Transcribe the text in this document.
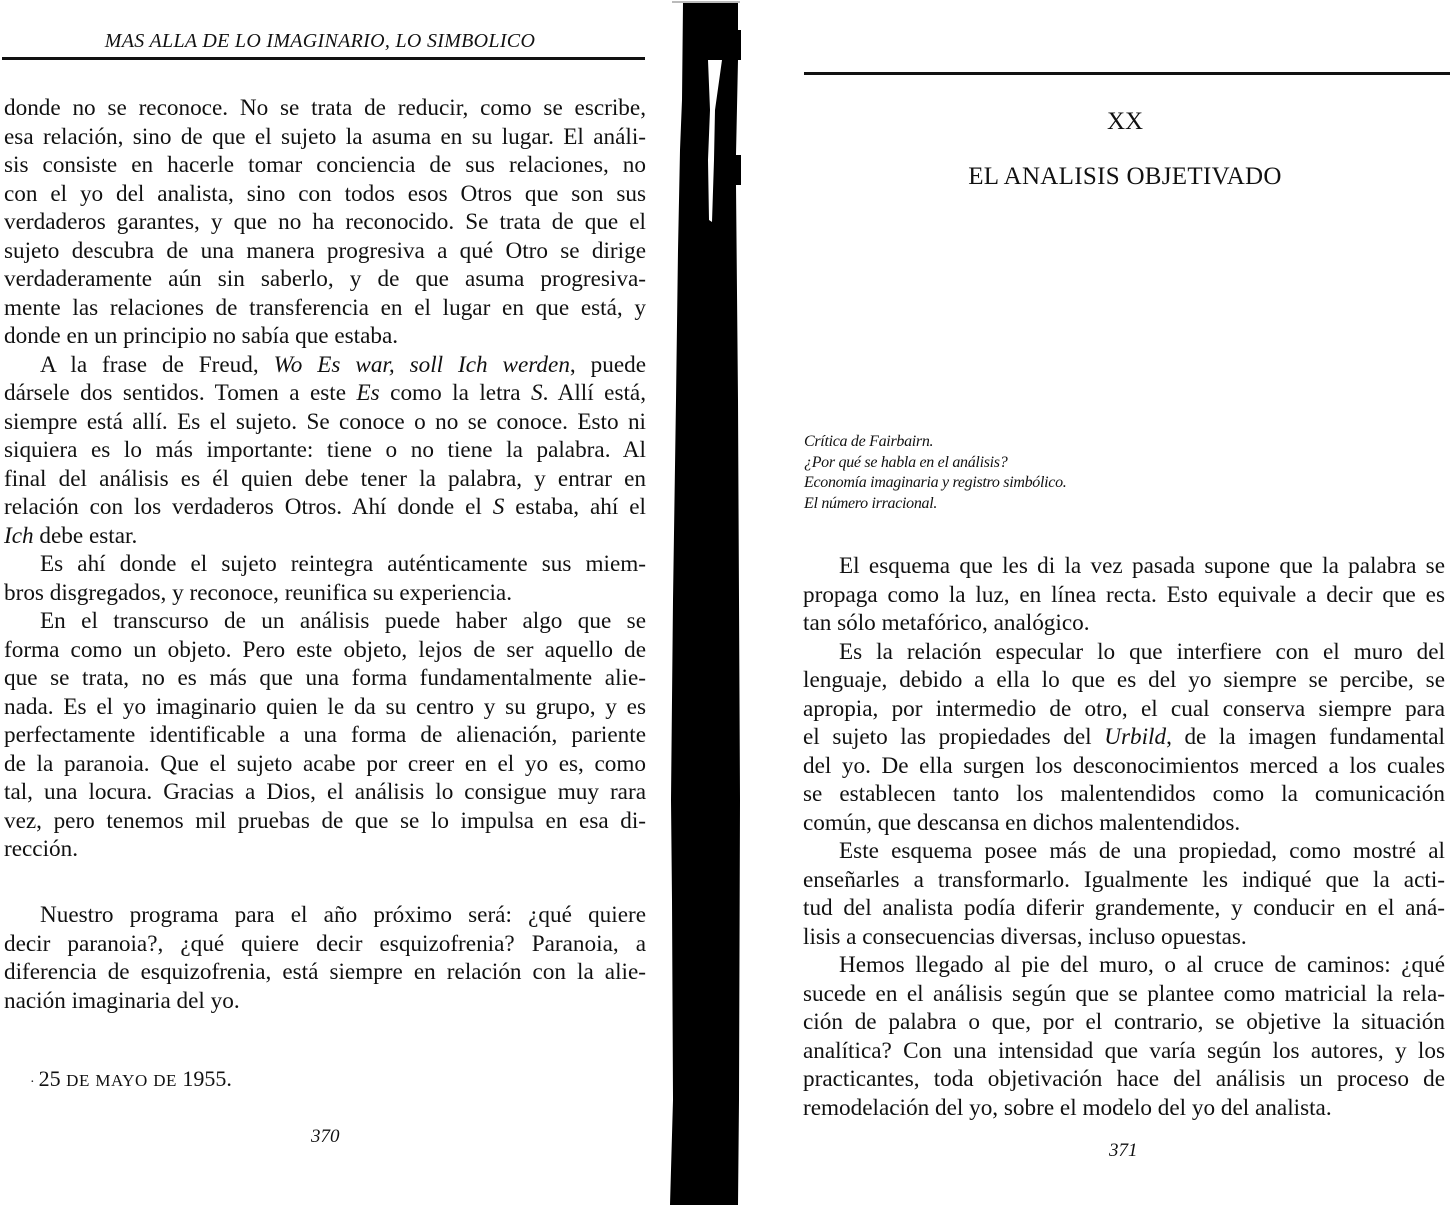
MAS ALLA DE LO IMAGINARIO, LO SIMBOLICO
donde no se reconoce. No se trata de reducir, como se escribe,
esa relación, sino de que el sujeto la asuma en su lugar. El análi-
sis consiste en hacerle tomar conciencia de sus relaciones, no
con el yo del analista, sino con todos esos Otros que son sus
verdaderos garantes, y que no ha reconocido. Se trata de que el
sujeto descubra de una manera progresiva a qué Otro se dirige
verdaderamente aún sin saberlo, y de que asuma progresiva-
mente las relaciones de transferencia en el lugar en que está, y
donde en un principio no sabía que estaba.
A la frase de Freud, Wo Es war, soll Ich werden, puede
dársele dos sentidos. Tomen a este Es como la letra S. Allí está,
siempre está allí. Es el sujeto. Se conoce o no se conoce. Esto ni
siquiera es lo más importante: tiene o no tiene la palabra. Al
final del análisis es él quien debe tener la palabra, y entrar en
relación con los verdaderos Otros. Ahí donde el S estaba, ahí el
Ich debe estar.
Es ahí donde el sujeto reintegra auténticamente sus miem-
bros disgregados, y reconoce, reunifica su experiencia.
En el transcurso de un análisis puede haber algo que se
forma como un objeto. Pero este objeto, lejos de ser aquello de
que se trata, no es más que una forma fundamentalmente alie-
nada. Es el yo imaginario quien le da su centro y su grupo, y es
perfectamente identificable a una forma de alienación, pariente
de la paranoia. Que el sujeto acabe por creer en el yo es, como
tal, una locura. Gracias a Dios, el análisis lo consigue muy rara
vez, pero tenemos mil pruebas de que se lo impulsa en esa di-
rección.
Nuestro programa para el año próximo será: ¿qué quiere
decir paranoia?, ¿qué quiere decir esquizofrenia? Paranoia, a
diferencia de esquizofrenia, está siempre en relación con la alie-
nación imaginaria del yo.
· 25 DE MAYO DE 1955.
370
XX
EL ANALISIS OBJETIVADO
Crítica de Fairbairn.
¿Por qué se habla en el análisis?
Economía imaginaria y registro simbólico.
El número irracional.
El esquema que les di la vez pasada supone que la palabra se
propaga como la luz, en línea recta. Esto equivale a decir que es
tan sólo metafórico, analógico.
Es la relación especular lo que interfiere con el muro del
lenguaje, debido a ella lo que es del yo siempre se percibe, se
apropia, por intermedio de otro, el cual conserva siempre para
el sujeto las propiedades del Urbild, de la imagen fundamental
del yo. De ella surgen los desconocimientos merced a los cuales
se establecen tanto los malentendidos como la comunicación
común, que descansa en dichos malentendidos.
Este esquema posee más de una propiedad, como mostré al
enseñarles a transformarlo. Igualmente les indiqué que la acti-
tud del analista podía diferir grandemente, y conducir en el aná-
lisis a consecuencias diversas, incluso opuestas.
Hemos llegado al pie del muro, o al cruce de caminos: ¿qué
sucede en el análisis según que se plantee como matricial la rela-
ción de palabra o que, por el contrario, se objetive la situación
analítica? Con una intensidad que varía según los autores, y los
practicantes, toda objetivación hace del análisis un proceso de
remodelación del yo, sobre el modelo del yo del analista.
371
